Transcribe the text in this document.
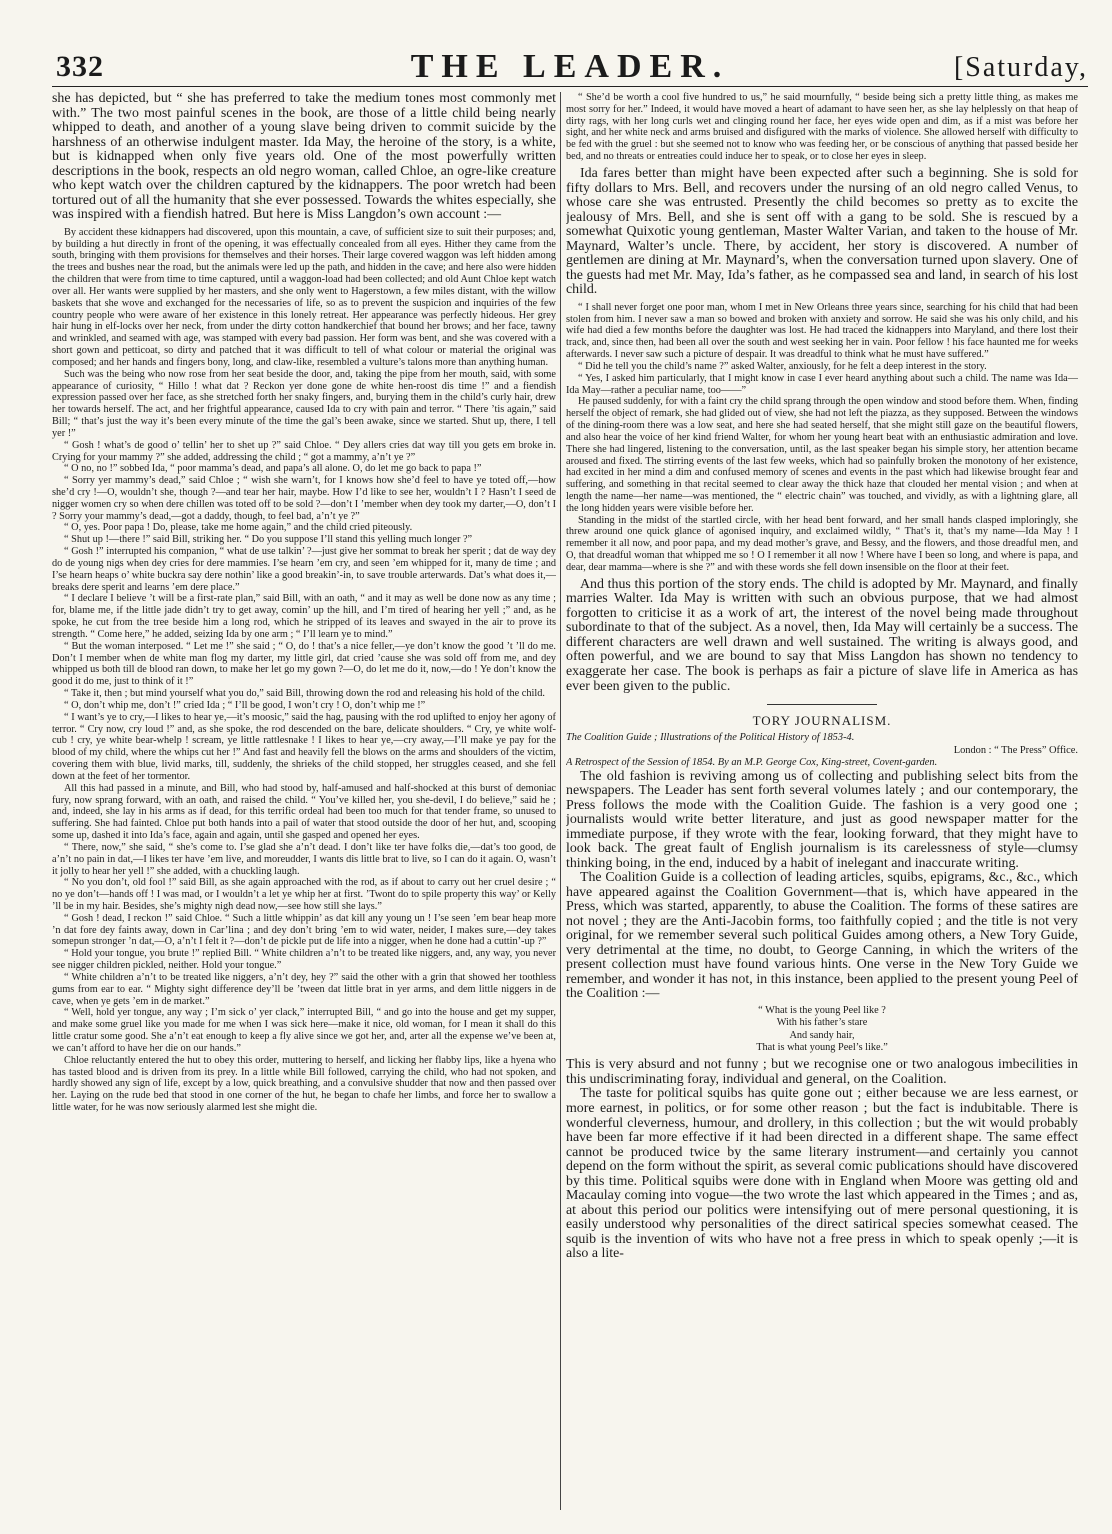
332	THE LEADER.	[Saturday,

she has depicted, but “ she has preferred to take the medium tones most commonly met with.” The two most painful scenes in the book, are those of a little child being nearly whipped to death, and another of a young slave being driven to commit suicide by the harshness of an otherwise indulgent master. Ida May, the heroine of the story, is a white, but is kidnapped when only five years old. One of the most powerfully written descriptions in the book, respects an old negro woman, called Chloe, an ogre-like creature who kept watch over the children captured by the kidnappers. The poor wretch had been tortured out of all the humanity that she ever possessed. Towards the whites especially, she was inspired with a fiendish hatred. But here is Miss Langdon’s own account :—

By accident these kidnappers had discovered, upon this mountain, a cave, of sufficient size to suit their purposes; and, by building a hut directly in front of the opening, it was effectually concealed from all eyes. Hither they came from the south, bringing with them provisions for themselves and their horses. Their large covered waggon was left hidden among the trees and bushes near the road, but the animals were led up the path, and hidden in the cave; and here also were hidden the children that were from time to time captured, until a waggon-load had been collected; and old Aunt Chloe kept watch over all. Her wants were supplied by her masters, and she only went to Hagerstown, a few miles distant, with the willow baskets that she wove and exchanged for the necessaries of life, so as to prevent the suspicion and inquiries of the few country people who were aware of her existence in this lonely retreat. Her appearance was perfectly hideous. Her grey hair hung in elf-locks over her neck, from under the dirty cotton handkerchief that bound her brows; and her face, tawny and wrinkled, and seamed with age, was stamped with every bad passion. Her form was bent, and she was covered with a short gown and petticoat, so dirty and patched that it was difficult to tell of what colour or material the original was composed; and her hands and fingers bony, long, and claw-like, resembled a vulture’s talons more than anything human.

Such was the being who now rose from her seat beside the door, and, taking the pipe from her mouth, said, with some appearance of curiosity, “ Hillo ! what dat ? Reckon yer done gone de white hen-roost dis time !” and a fiendish expression passed over her face, as she stretched forth her snaky fingers, and, burying them in the child’s curly hair, drew her towards herself. The act, and her frightful appearance, caused Ida to cry with pain and terror. “ There ’tis again,” said Bill; “ that’s just the way it’s been every minute of the time the gal’s been awake, since we started. Shut up, there, I tell yer !”

“ Gosh ! what’s de good o’ tellin’ her to shet up ?” said Chloe. “ Dey allers cries dat way till you gets em broke in. Crying for your mammy ?” she added, addressing the child ; “ got a mammy, a’n’t ye ?”

“ O no, no !” sobbed Ida, “ poor mamma’s dead, and papa’s all alone. O, do let me go back to papa !”

“ Sorry yer mammy’s dead,” said Chloe ; “ wish she warn’t, for I knows how she’d feel to have ye toted off,—how she’d cry !—O, wouldn’t she, though ?—and tear her hair, maybe. How I’d like to see her, wouldn’t I ? Hasn’t I seed de nigger women cry so when dere chillen was toted off to be sold ?—don’t I ’member when dey took my darter,—O, don’t I ? Sorry your mammy’s dead,—got a daddy, though, to feel bad, a’n’t ye ?”

“ O, yes. Poor papa ! Do, please, take me home again,” and the child cried piteously.

“ Shut up !—there !” said Bill, striking her. “ Do you suppose I’ll stand this yelling much longer ?”

“ Gosh !” interrupted his companion, “ what de use talkin’ ?—just give her sommat to break her sperit ; dat de way dey do de young nigs when dey cries for dere mammies. I’se hearn ’em cry, and seen ’em whipped for it, many de time ; and I’se hearn heaps o’ white buckra say dere nothin’ like a good breakin’-in, to save trouble arterwards. Dat’s what does it,—breaks dere sperit and learns ’em dere place.”

“ I declare I believe ’t will be a first-rate plan,” said Bill, with an oath, “ and it may as well be done now as any time ; for, blame me, if the little jade didn’t try to get away, comin’ up the hill, and I’m tired of hearing her yell ;” and, as he spoke, he cut from the tree beside him a long rod, which he stripped of its leaves and swayed in the air to prove its strength. “ Come here,” he added, seizing Ida by one arm ; “ I’ll learn ye to mind.”

“ But the woman interposed. “ Let me !” she said ; “ O, do ! that’s a nice feller,—ye don’t know the good ’t ’ll do me. Don’t I member when de white man flog my darter, my little girl, dat cried ’cause she was sold off from me, and dey whipped us both till de blood ran down, to make her let go my gown ?—O, do let me do it, now,—do ! Ye don’t know the good it do me, just to think of it !”

“ Take it, then ; but mind yourself what you do,” said Bill, throwing down the rod and releasing his hold of the child.

“ O, don’t whip me, don’t !” cried Ida ; “ I’ll be good, I won’t cry ! O, don’t whip me !”

“ I want’s ye to cry,—I likes to hear ye,—it’s moosic,” said the hag, pausing with the rod uplifted to enjoy her agony of terror. “ Cry now, cry loud !” and, as she spoke, the rod descended on the bare, delicate shoulders. “ Cry, ye white wolf-cub ! cry, ye white bear-whelp ! scream, ye little rattlesnake ! I likes to hear ye,—cry away,—I’ll make ye pay for the blood of my child, where the whips cut her !” And fast and heavily fell the blows on the arms and shoulders of the victim, covering them with blue, livid marks, till, suddenly, the shrieks of the child stopped, her struggles ceased, and she fell down at the feet of her tormentor.

All this had passed in a minute, and Bill, who had stood by, half-amused and half-shocked at this burst of demoniac fury, now sprang forward, with an oath, and raised the child. “ You’ve killed her, you she-devil, I do believe,” said he ; and, indeed, she lay in his arms as if dead, for this terrific ordeal had been too much for that tender frame, so unused to suffering. She had fainted. Chloe put both hands into a pail of water that stood outside the door of her hut, and, scooping some up, dashed it into Ida’s face, again and again, until she gasped and opened her eyes.

“ There, now,” she said, “ she’s come to. I’se glad she a’n’t dead. I don’t like ter have folks die,—dat’s too good, de a’n’t no pain in dat,—I likes ter have ’em live, and moreudder, I wants dis little brat to live, so I can do it again. O, wasn’t it jolly to hear her yell !” she added, with a chuckling laugh.

“ No you don’t, old fool !” said Bill, as she again approached with the rod, as if about to carry out her cruel desire ; “ no ye don’t—hands off ! I was mad, or I wouldn’t a let ye whip her at first. ’Twont do to spile property this way’ or Kelly ’ll be in my hair. Besides, she’s mighty nigh dead now,—see how still she lays.”

“ Gosh ! dead, I reckon !” said Chloe. “ Such a little whippin’ as dat kill any young un ! I’se seen ’em bear heap more ’n dat fore dey faints away, down in Car’lina ; and dey don’t bring ’em to wid water, neider, I makes sure,—dey takes somepun stronger ’n dat,—O, a’n’t I felt it ?—don’t de pickle put de life into a nigger, when he done had a cuttin’-up ?”

“ Hold your tongue, you brute !” replied Bill. “ White children a’n’t to be treated like niggers, and, any way, you never see nigger children pickled, neither. Hold your tongue.”

“ White children a’n’t to be treated like niggers, a’n’t dey, hey ?” said the other with a grin that showed her toothless gums from ear to ear. “ Mighty sight difference dey’ll be ’tween dat little brat in yer arms, and dem little niggers in de cave, when ye gets ’em in de market.”

“ Well, hold yer tongue, any way ; I’m sick o’ yer clack,” interrupted Bill, “ and go into the house and get my supper, and make some gruel like you made for me when I was sick here—make it nice, old woman, for I mean it shall do this little cratur some good. She a’n’t eat enough to keep a fly alive since we got her, and, arter all the expense we’ve been at, we can’t afford to have her die on our hands.”

Chloe reluctantly entered the hut to obey this order, muttering to herself, and licking her flabby lips, like a hyena who has tasted blood and is driven from its prey. In a little while Bill followed, carrying the child, who had not spoken, and hardly showed any sign of life, except by a low, quick breathing, and a convulsive shudder that now and then passed over her. Laying on the rude bed that stood in one corner of the hut, he began to chafe her limbs, and force her to swallow a little water, for he was now seriously alarmed lest she might die.

“ She’d be worth a cool five hundred to us,” he said mournfully, “ beside being sich a pretty little thing, as makes me most sorry for her.” Indeed, it would have moved a heart of adamant to have seen her, as she lay helplessly on that heap of dirty rags, with her long curls wet and clinging round her face, her eyes wide open and dim, as if a mist was before her sight, and her white neck and arms bruised and disfigured with the marks of violence. She allowed herself with difficulty to be fed with the gruel : but she seemed not to know who was feeding her, or be conscious of anything that passed beside her bed, and no threats or entreaties could induce her to speak, or to close her eyes in sleep.

Ida fares better than might have been expected after such a beginning. She is sold for fifty dollars to Mrs. Bell, and recovers under the nursing of an old negro called Venus, to whose care she was entrusted. Presently the child becomes so pretty as to excite the jealousy of Mrs. Bell, and she is sent off with a gang to be sold. She is rescued by a somewhat Quixotic young gentleman, Master Walter Varian, and taken to the house of Mr. Maynard, Walter’s uncle. There, by accident, her story is discovered. A number of gentlemen are dining at Mr. Maynard’s, when the conversation turned upon slavery. One of the guests had met Mr. May, Ida’s father, as he compassed sea and land, in search of his lost child.

“ I shall never forget one poor man, whom I met in New Orleans three years since, searching for his child that had been stolen from him. I never saw a man so bowed and broken with anxiety and sorrow. He said she was his only child, and his wife had died a few months before the daughter was lost. He had traced the kidnappers into Maryland, and there lost their track, and, since then, had been all over the south and west seeking her in vain. Poor fellow ! his face haunted me for weeks afterwards. I never saw such a picture of despair. It was dreadful to think what he must have suffered.”

“ Did he tell you the child’s name ?” asked Walter, anxiously, for he felt a deep interest in the story.

“ Yes, I asked him particularly, that I might know in case I ever heard anything about such a child. The name was Ida—Ida May—rather a peculiar name, too——”

He paused suddenly, for with a faint cry the child sprang through the open window and stood before them. When, finding herself the object of remark, she had glided out of view, she had not left the piazza, as they supposed. Between the windows of the dining-room there was a low seat, and here she had seated herself, that she might still gaze on the beautiful flowers, and also hear the voice of her kind friend Walter, for whom her young heart beat with an enthusiastic admiration and love. There she had lingered, listening to the conversation, until, as the last speaker began his simple story, her attention became aroused and fixed. The stirring events of the last few weeks, which had so painfully broken the monotony of her existence, had excited in her mind a dim and confused memory of scenes and events in the past which had likewise brought fear and suffering, and something in that recital seemed to clear away the thick haze that clouded her mental vision ; and when at length the name—her name—was mentioned, the “ electric chain” was touched, and vividly, as with a lightning glare, all the long hidden years were visible before her.

Standing in the midst of the startled circle, with her head bent forward, and her small hands clasped imploringly, she threw around one quick glance of agonised inquiry, and exclaimed wildly, “ That’s it, that’s my name—Ida May ! I remember it all now, and poor papa, and my dead mother’s grave, and Bessy, and the flowers, and those dreadful men, and O, that dreadful woman that whipped me so ! O I remember it all now ! Where have I been so long, and where is papa, and dear, dear mamma—where is she ?” and with these words she fell down insensible on the floor at their feet.

And thus this portion of the story ends. The child is adopted by Mr. Maynard, and finally marries Walter. Ida May is written with such an obvious purpose, that we had almost forgotten to criticise it as a work of art, the interest of the novel being made throughout subordinate to that of the subject. As a novel, then, Ida May will certainly be a success. The different characters are well drawn and well sustained. The writing is always good, and often powerful, and we are bound to say that Miss Langdon has shown no tendency to exaggerate her case. The book is perhaps as fair a picture of slave life in America as has ever been given to the public.

TORY JOURNALISM.
The Coalition Guide ; Illustrations of the Political History of 1853-4.
London : “ The Press” Office.
A Retrospect of the Session of 1854. By an M.P. George Cox, King-street, Covent-garden.

The old fashion is reviving among us of collecting and publishing select bits from the newspapers. The Leader has sent forth several volumes lately ; and our contemporary, the Press follows the mode with the Coalition Guide. The fashion is a very good one ; journalists would write better literature, and just as good newspaper matter for the immediate purpose, if they wrote with the fear, looking forward, that they might have to look back. The great fault of English journalism is its carelessness of style—clumsy thinking boing, in the end, induced by a habit of inelegant and inaccurate writing.

The Coalition Guide is a collection of leading articles, squibs, epigrams, &c., &c., which have appeared against the Coalition Government—that is, which have appeared in the Press, which was started, apparently, to abuse the Coalition. The forms of these satires are not novel ; they are the Anti-Jacobin forms, too faithfully copied ; and the title is not very original, for we remember several such political Guides among others, a New Tory Guide, very detrimental at the time, no doubt, to George Canning, in which the writers of the present collection must have found various hints. One verse in the New Tory Guide we remember, and wonder it has not, in this instance, been applied to the present young Peel of the Coalition :—

“ What is the young Peel like ?
With his father’s stare
And sandy hair,
That is what young Peel’s like.”

This is very absurd and not funny ; but we recognise one or two analogous imbecilities in this undiscriminating foray, individual and general, on the Coalition.

The taste for political squibs has quite gone out ; either because we are less earnest, or more earnest, in politics, or for some other reason ; but the fact is indubitable. There is wonderful cleverness, humour, and drollery, in this collection ; but the wit would probably have been far more effective if it had been directed in a different shape. The same effect cannot be produced twice by the same literary instrument—and certainly you cannot depend on the form without the spirit, as several comic publications should have discovered by this time. Political squibs were done with in England when Moore was getting old and Macaulay coming into vogue—the two wrote the last which appeared in the Times ; and as, at about this period our politics were intensifying out of mere personal questioning, it is easily understood why personalities of the direct satirical species somewhat ceased. The squib is the invention of wits who have not a free press in which to speak openly ;—it is also a lite-
